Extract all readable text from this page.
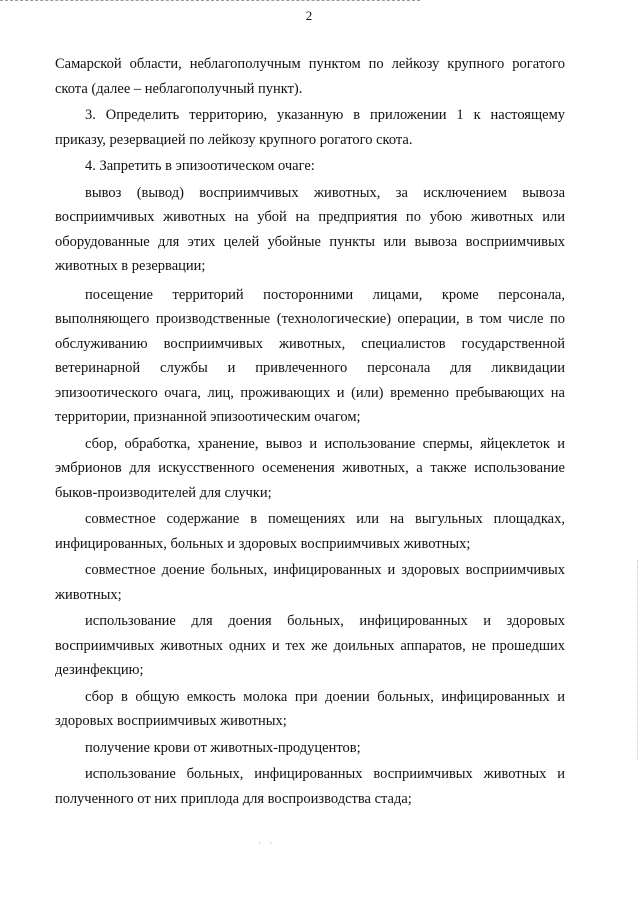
2

Самарской области, неблагополучным пунктом по лейкозу крупного рогатого скота (далее – неблагополучный пункт).

3. Определить территорию, указанную в приложении 1 к настоящему приказу, резервацией по лейкозу крупного рогатого скота.

4. Запретить в эпизоотическом очаге:

вывоз (вывод) восприимчивых животных, за исключением вывоза восприимчивых животных на убой на предприятия по убою животных или оборудованные для этих целей убойные пункты или вывоза восприимчивых животных в резервации;

посещение территорий посторонними лицами, кроме персонала, выполняющего производственные (технологические) операции, в том числе по обслуживанию восприимчивых животных, специалистов государственной ветеринарной службы и привлеченного персонала для ликвидации эпизоотического очага, лиц, проживающих и (или) временно пребывающих на территории, признанной эпизоотическим очагом;

сбор, обработка, хранение, вывоз и использование спермы, яйцеклеток и эмбрионов для искусственного осеменения животных, а также использование быков-производителей для случки;

совместное содержание в помещениях или на выгульных площадках, инфицированных, больных и здоровых восприимчивых животных;

совместное доение больных, инфицированных и здоровых восприимчивых животных;

использование для доения больных, инфицированных и здоровых восприимчивых животных одних и тех же доильных аппаратов, не прошедших дезинфекцию;

сбор в общую емкость молока при доении больных, инфицированных и здоровых восприимчивых животных;

получение крови от животных-продуцентов;

использование больных, инфицированных восприимчивых животных и полученного от них приплода для воспроизводства стада;

· ·
